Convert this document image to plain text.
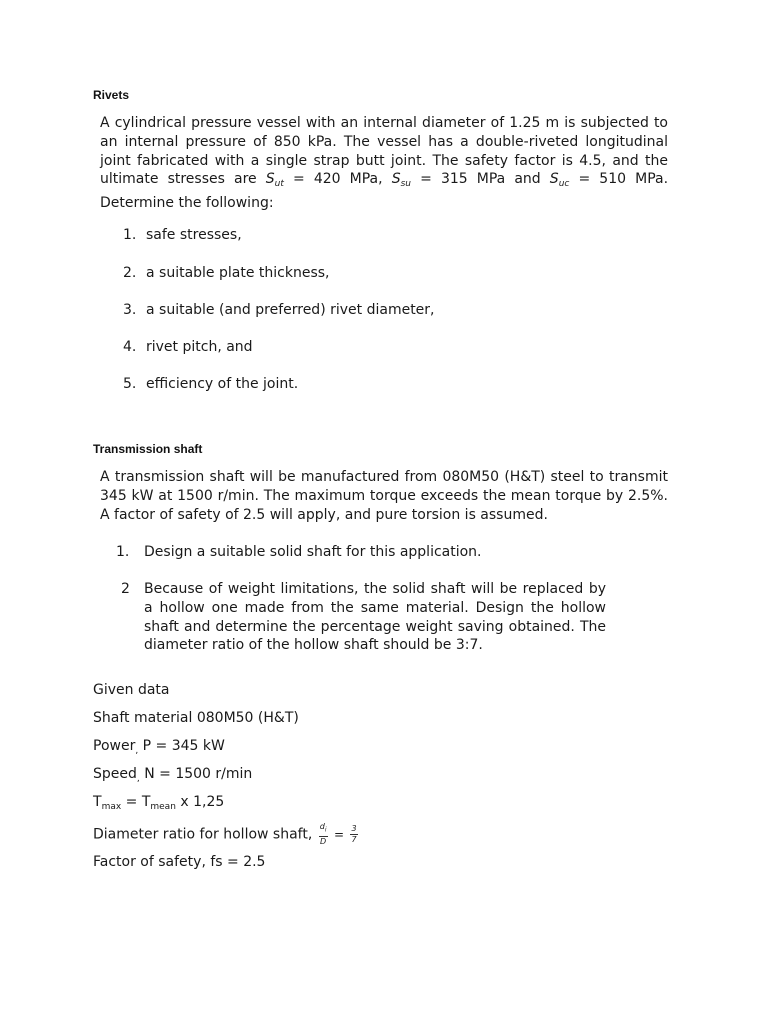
Rivets
A cylindrical pressure vessel with an internal diameter of 1.25 m is subjected to an internal pressure of 850 kPa. The vessel has a double-riveted longitudinal joint fabricated with a single strap butt joint. The safety factor is 4.5, and the ultimate stresses are $S_{ut} = 420$ MPa, $S_{su} = 315$ MPa and $S_{uc} = 510$ MPa. Determine the following:
1. safe stresses,
2. a suitable plate thickness,
3. a suitable (and preferred) rivet diameter,
4. rivet pitch, and
5. efficiency of the joint.
Transmission shaft
A transmission shaft will be manufactured from 080M50 (H&T) steel to transmit 345 kW at 1500 r/min. The maximum torque exceeds the mean torque by 2.5%. A factor of safety of 2.5 will apply, and pure torsion is assumed.
1. Design a suitable solid shaft for this application.
2 Because of weight limitations, the solid shaft will be replaced by a hollow one made from the same material. Design the hollow shaft and determine the percentage weight saving obtained. The diameter ratio of the hollow shaft should be 3:7.
Given data
Shaft material 080M50 (H&T)
Power$_,$ P = 345 kW
Speed$_,$ N = 1500 r/min
$T_{max} = T_{mean}$ x 1,25
Diameter ratio for hollow shaft, $\frac{d_i}{D} = \frac{3}{7}$
Factor of safety, fs = 2.5
